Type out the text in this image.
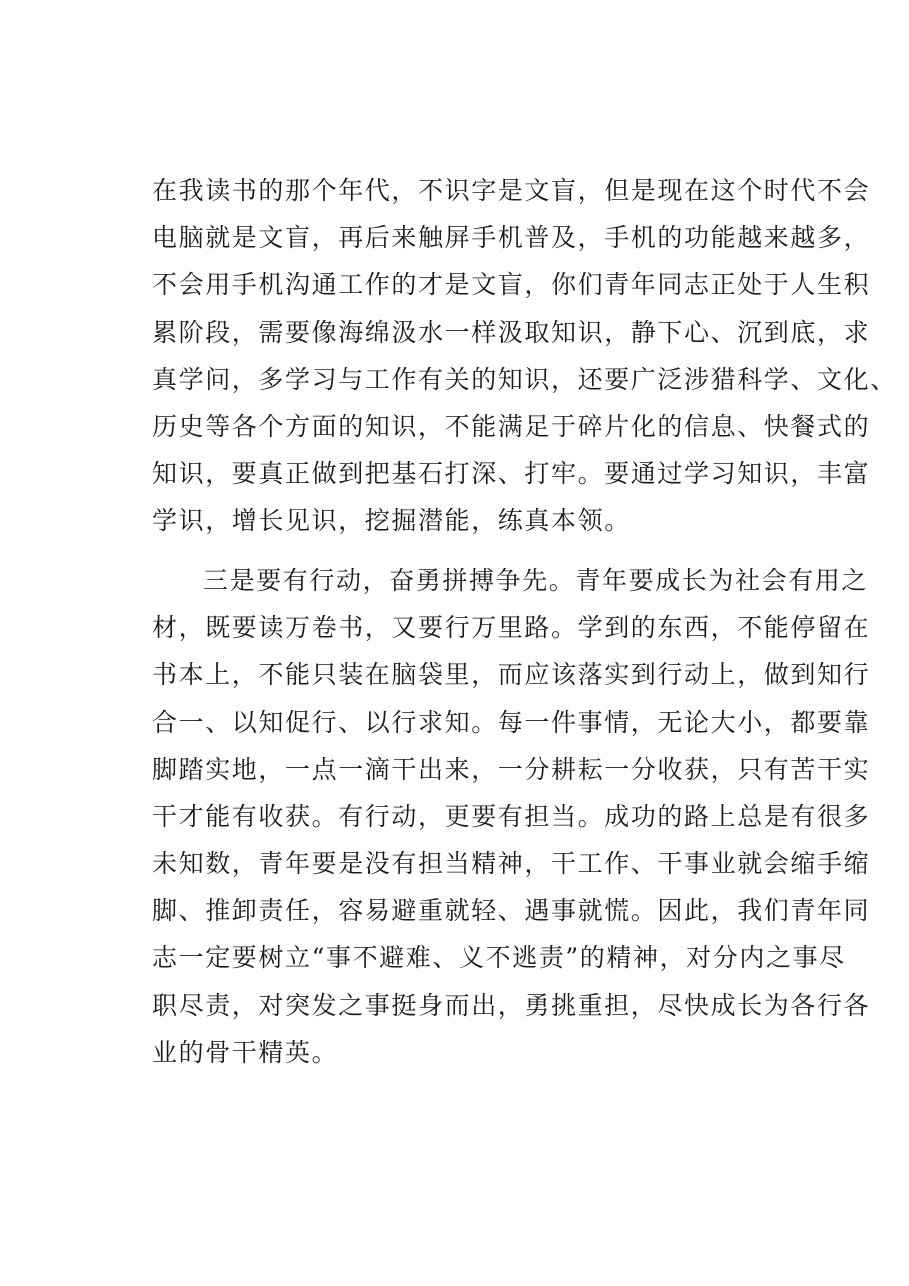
在我读书的那个年代，不识字是文盲，但是现在这个时代不会
电脑就是文盲，再后来触屏手机普及，手机的功能越来越多，
不会用手机沟通工作的才是文盲，你们青年同志正处于人生积
累阶段，需要像海绵汲水一样汲取知识，静下心、沉到底，求
真学问，多学习与工作有关的知识，还要广泛涉猎科学、文化、
历史等各个方面的知识，不能满足于碎片化的信息、快餐式的
知识，要真正做到把基石打深、打牢。要通过学习知识，丰富
学识，增长见识，挖掘潜能，练真本领。
三是要有行动，奋勇拼搏争先。青年要成长为社会有用之
材，既要读万卷书，又要行万里路。学到的东西，不能停留在
书本上，不能只装在脑袋里，而应该落实到行动上，做到知行
合一、以知促行、以行求知。每一件事情，无论大小，都要靠
脚踏实地，一点一滴干出来，一分耕耘一分收获，只有苦干实
干才能有收获。有行动，更要有担当。成功的路上总是有很多
未知数，青年要是没有担当精神，干工作、干事业就会缩手缩
脚、推卸责任，容易避重就轻、遇事就慌。因此，我们青年同
志一定要树立“事不避难、义不逃责”的精神，对分内之事尽
职尽责，对突发之事挺身而出，勇挑重担，尽快成长为各行各
业的骨干精英。
